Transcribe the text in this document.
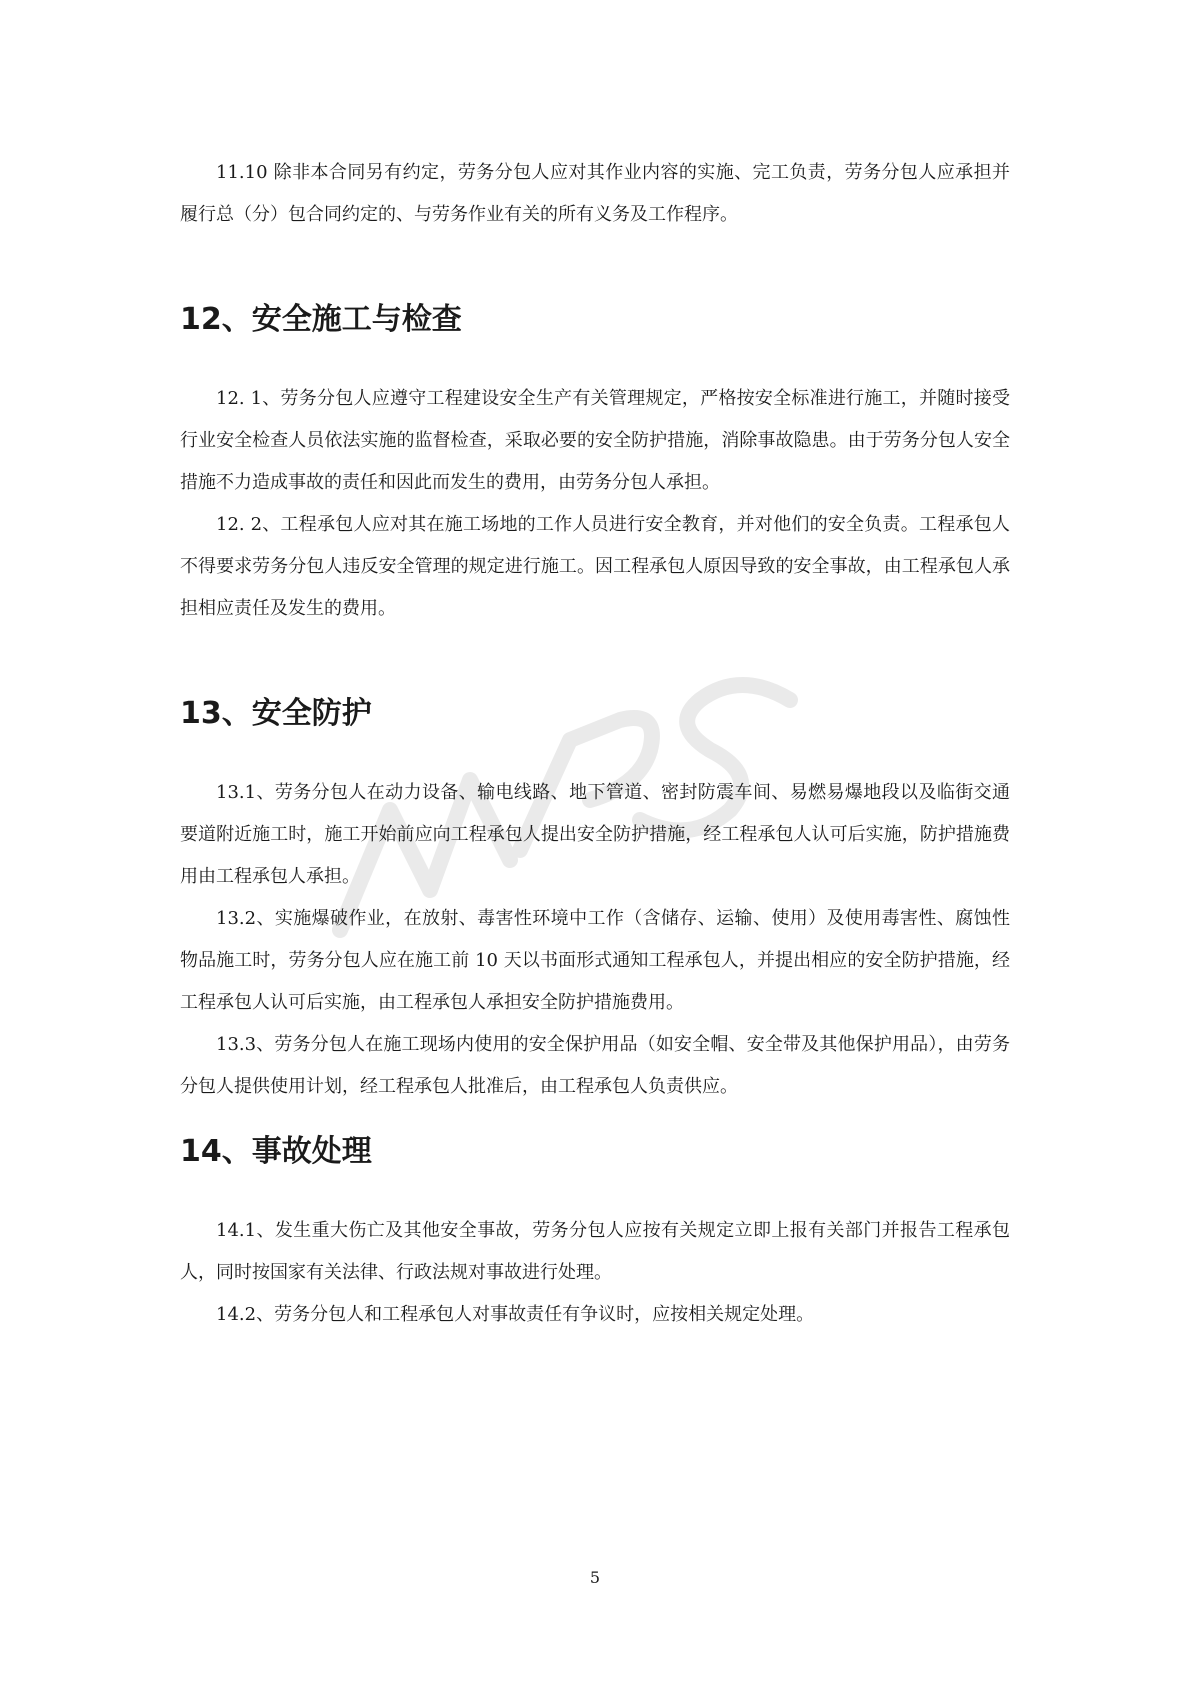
11.10 除非本合同另有约定，劳务分包人应对其作业内容的实施、完工负责，劳务分包人应承担并履行总（分）包合同约定的、与劳务作业有关的所有义务及工作程序。

12、安全施工与检查

12. 1、劳务分包人应遵守工程建设安全生产有关管理规定，严格按安全标准进行施工，并随时接受行业安全检查人员依法实施的监督检查，采取必要的安全防护措施，消除事故隐患。由于劳务分包人安全措施不力造成事故的责任和因此而发生的费用，由劳务分包人承担。

12. 2、工程承包人应对其在施工场地的工作人员进行安全教育，并对他们的安全负责。工程承包人不得要求劳务分包人违反安全管理的规定进行施工。因工程承包人原因导致的安全事故，由工程承包人承担相应责任及发生的费用。

13、安全防护

13.1、劳务分包人在动力设备、输电线路、地下管道、密封防震车间、易燃易爆地段以及临街交通要道附近施工时，施工开始前应向工程承包人提出安全防护措施，经工程承包人认可后实施，防护措施费用由工程承包人承担。

13.2、实施爆破作业，在放射、毒害性环境中工作（含储存、运输、使用）及使用毒害性、腐蚀性物品施工时，劳务分包人应在施工前 10 天以书面形式通知工程承包人，并提出相应的安全防护措施，经工程承包人认可后实施，由工程承包人承担安全防护措施费用。

13.3、劳务分包人在施工现场内使用的安全保护用品（如安全帽、安全带及其他保护用品），由劳务分包人提供使用计划，经工程承包人批准后，由工程承包人负责供应。

14、事故处理

14.1、发生重大伤亡及其他安全事故，劳务分包人应按有关规定立即上报有关部门并报告工程承包人，同时按国家有关法律、行政法规对事故进行处理。

14.2、劳务分包人和工程承包人对事故责任有争议时，应按相关规定处理。

5
